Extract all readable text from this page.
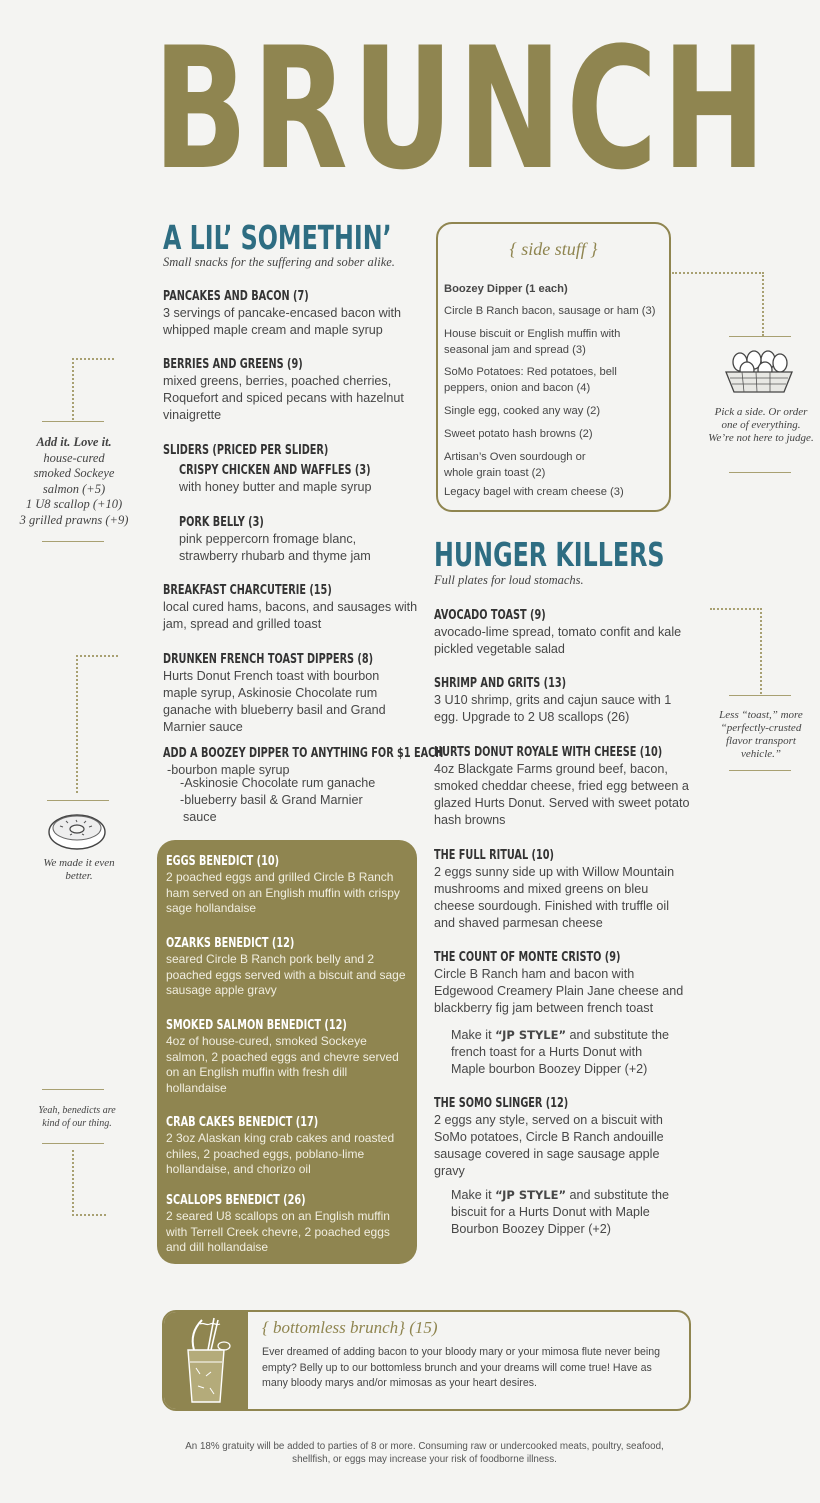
BRUNCH
A LIL’ SOMETHIN’
Small snacks for the suffering and sober alike.
PANCAKES AND BACON (7)
3 servings of pancake-encased bacon with whipped maple cream and maple syrup
BERRIES AND GREENS (9)
mixed greens, berries, poached cherries, Roquefort and spiced pecans with hazelnut vinaigrette
SLIDERS (PRICED PER SLIDER)
CRISPY CHICKEN AND WAFFLES (3)
with honey butter and maple syrup
PORK BELLY (3)
pink peppercorn fromage blanc, strawberry rhubarb and thyme jam
BREAKFAST CHARCUTERIE (15)
local cured hams, bacons, and sausages with jam, spread and grilled toast
DRUNKEN FRENCH TOAST DIPPERS (8)
Hurts Donut French toast with bourbon maple syrup, Askinosie Chocolate rum ganache with blueberry basil and Grand Marnier sauce
ADD A BOOZEY DIPPER TO ANYTHING FOR $1 EACH
-bourbon maple syrup
-Askinosie Chocolate rum ganache
-blueberry basil & Grand Marnier
sauce
{ side stuff }
Boozey Dipper (1 each)
Circle B Ranch bacon, sausage or ham (3)
House biscuit or English muffin with seasonal jam and spread (3)
SoMo Potatoes: Red potatoes, bell peppers, onion and bacon (4)
Single egg, cooked any way (2)
Sweet potato hash browns (2)
Artisan’s Oven sourdough or whole grain toast (2)
Legacy bagel with cream cheese (3)
Pick a side. Or order one of everything. We’re not here to judge.
Add it. Love it.
house-cured
smoked Sockeye
salmon (+5)
1 U8 scallop (+10)
3 grilled prawns (+9)
We made it even better.
Yeah, benedicts are kind of our thing.
EGGS BENEDICT (10)
2 poached eggs and grilled Circle B Ranch ham served on an English muffin with crispy sage hollandaise
OZARKS BENEDICT (12)
seared Circle B Ranch pork belly and 2 poached eggs served with a biscuit and sage sausage apple gravy
SMOKED SALMON BENEDICT (12)
4oz of house-cured, smoked Sockeye salmon, 2 poached eggs and chevre served on an English muffin with fresh dill hollandaise
CRAB CAKES BENEDICT (17)
2 3oz Alaskan king crab cakes and roasted chiles, 2 poached eggs, poblano-lime hollandaise, and chorizo oil
SCALLOPS BENEDICT (26)
2 seared U8 scallops on an English muffin with Terrell Creek chevre, 2 poached eggs and dill hollandaise
HUNGER KILLERS
Full plates for loud stomachs.
AVOCADO TOAST (9)
avocado-lime spread, tomato confit and kale pickled vegetable salad
SHRIMP AND GRITS (13)
3 U10 shrimp, grits and cajun sauce with 1 egg. Upgrade to 2 U8 scallops (26)
HURTS DONUT ROYALE WITH CHEESE (10)
4oz Blackgate Farms ground beef, bacon, smoked cheddar cheese, fried egg between a glazed Hurts Donut. Served with sweet potato hash browns
THE FULL RITUAL (10)
2 eggs sunny side up with Willow Mountain mushrooms and mixed greens on bleu cheese sourdough. Finished with truffle oil and shaved parmesan cheese
THE COUNT OF MONTE CRISTO (9)
Circle B Ranch ham and bacon with Edgewood Creamery Plain Jane cheese and blackberry fig jam between french toast
Make it “JP STYLE” and substitute the french toast for a Hurts Donut with Maple bourbon Boozey Dipper (+2)
THE SOMO SLINGER (12)
2 eggs any style, served on a biscuit with SoMo potatoes, Circle B Ranch andouille sausage covered in sage sausage apple gravy
Make it “JP STYLE” and substitute the biscuit for a Hurts Donut with Maple Bourbon Boozey Dipper (+2)
Less “toast,” more “perfectly-crusted flavor transport vehicle.”
{ bottomless brunch} (15)
Ever dreamed of adding bacon to your bloody mary or your mimosa flute never being empty? Belly up to our bottomless brunch and your dreams will come true! Have as many bloody marys and/or mimosas as your heart desires.
An 18% gratuity will be added to parties of 8 or more. Consuming raw or undercooked meats, poultry, seafood, shellfish, or eggs may increase your risk of foodborne illness.
